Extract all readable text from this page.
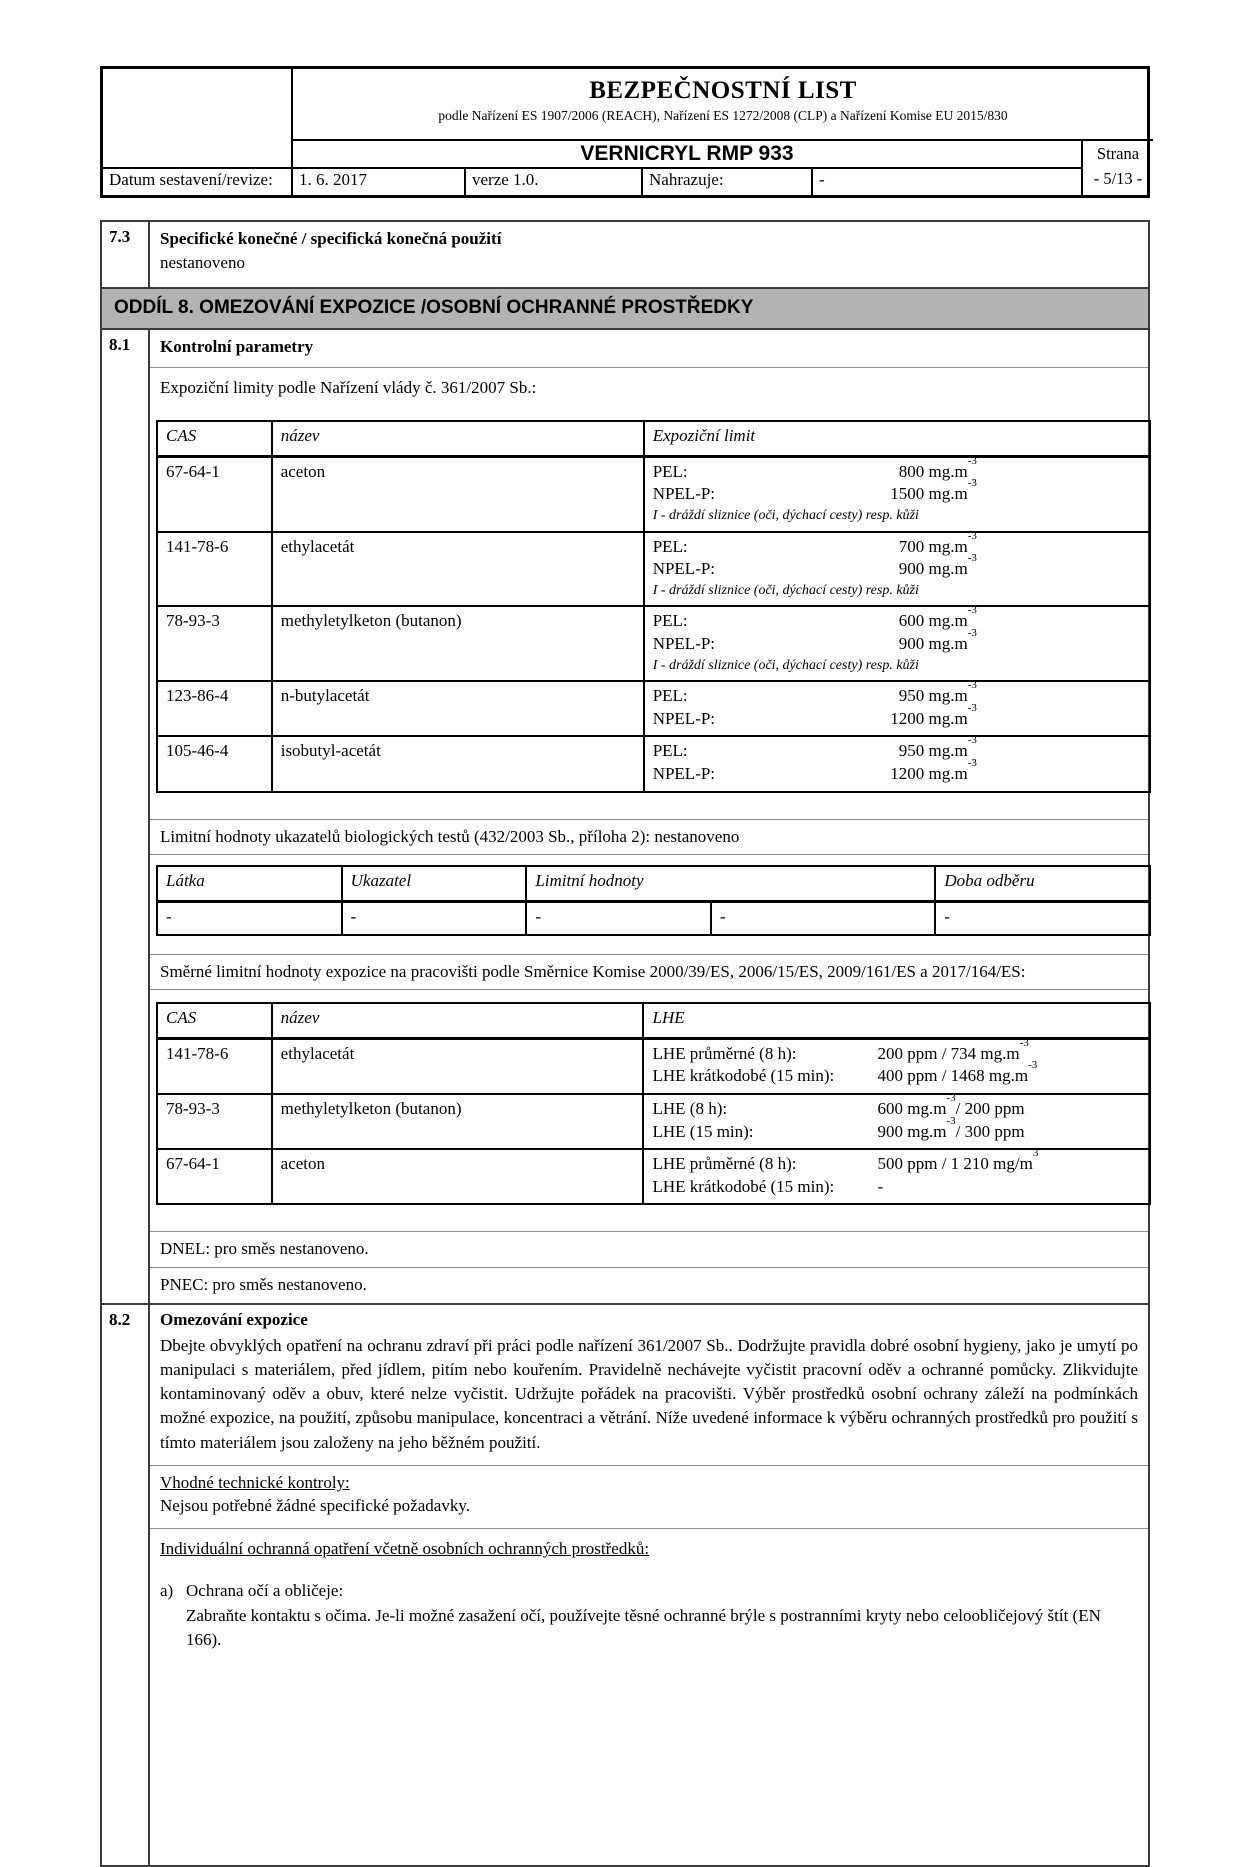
BEZPEČNOSTNÍ LIST
podle Nařízení ES 1907/2006 (REACH), Nařízení ES 1272/2008 (CLP) a Nařízení Komise EU 2015/830
VERNICRYL RMP 933	Strana
- 5/13 -
Datum sestavení/revize:	1. 6. 2017	verze 1.0.	Nahrazuje:	-
7.3	Specifické konečné / specifická konečná použití
nestanoveno
ODDÍL 8. OMEZOVÁNÍ EXPOZICE /OSOBNÍ OCHRANNÉ PROSTŘEDKY
8.1	Kontrolní parametry
Expoziční limity podle Nařízení vlády č. 361/2007 Sb.:
CAS	název	Expoziční limit
67-64-1	aceton	PEL:	800 mg.m
-3
NPEL-P:	1500 mg.m
-3
I - dráždí sliznice (oči, dýchací cesty) resp. kůži

141-78-6	ethylacetát	PEL:	700 mg.m
-3
NPEL-P:	900 mg.m
-3
I - dráždí sliznice (oči, dýchací cesty) resp. kůži

78-93-3	methyletylketon (butanon)	PEL:	600 mg.m
-3
NPEL-P:	900 mg.m
-3
I - dráždí sliznice (oči, dýchací cesty) resp. kůži

123-86-4	n-butylacetát	PEL:	950 mg.m
-3
NPEL-P:	1200 mg.m
-3

105-46-4	isobutyl-acetát	PEL:	950 mg.m
-3
NPEL-P:	1200 mg.m
-3
Limitní hodnoty ukazatelů biologických testů (432/2003 Sb., příloha 2): nestanoveno
Látka	Ukazatel	Limitní hodnoty		Doba odběru
-	-	-	-	-
Směrné limitní hodnoty expozice na pracovišti podle Směrnice Komise 2000/39/ES, 2006/15/ES, 2009/161/ES a 2017/164/ES:
CAS	název	LHE
141-78-6	ethylacetát	LHE průměrné (8 h):	200 ppm / 734 mg.m
-3
LHE krátkodobé (15 min):	400 ppm / 1468 mg.m
-3

78-93-3	methyletylketon (butanon)	LHE (8 h):	600 mg.m
-3
/ 200 ppm
LHE (15 min):	900 mg.m
-3
/ 300 ppm

67-64-1	aceton	LHE průměrné (8 h): 500 ppm / 1 210 mg/m
3
LHE krátkodobé (15 min): -
DNEL: pro směs nestanoveno.
PNEC: pro směs nestanoveno.
8.2	Omezování expozice
Dbejte obvyklých opatření na ochranu zdraví při práci podle nařízení 361/2007 Sb.. Dodržujte pravidla dobré osobní hygieny, jako je umytí po manipulaci s materiálem, před jídlem, pitím nebo kouřením. Pravidelně nechávejte vyčistit pracovní oděv a ochranné pomůcky. Zlikvidujte kontaminovaný oděv a obuv, které nelze vyčistit. Udržujte pořádek na pracovišti. Výběr prostředků osobní ochrany záleží na podmínkách možné expozice, na použití, způsobu manipulace, koncentraci a větrání. Níže uvedené informace k výběru ochranných prostředků pro použití s tímto materiálem jsou založeny na jeho běžném použití.
Vhodné technické kontroly:
Nejsou potřebné žádné specifické požadavky.
Individuální ochranná opatření včetně osobních ochranných prostředků:
a) Ochrana očí a obličeje:
Zabraňte kontaktu s očima. Je-li možné zasažení očí, používejte těsné ochranné brýle s postranními kryty nebo celoobličejový štít (EN 166).
